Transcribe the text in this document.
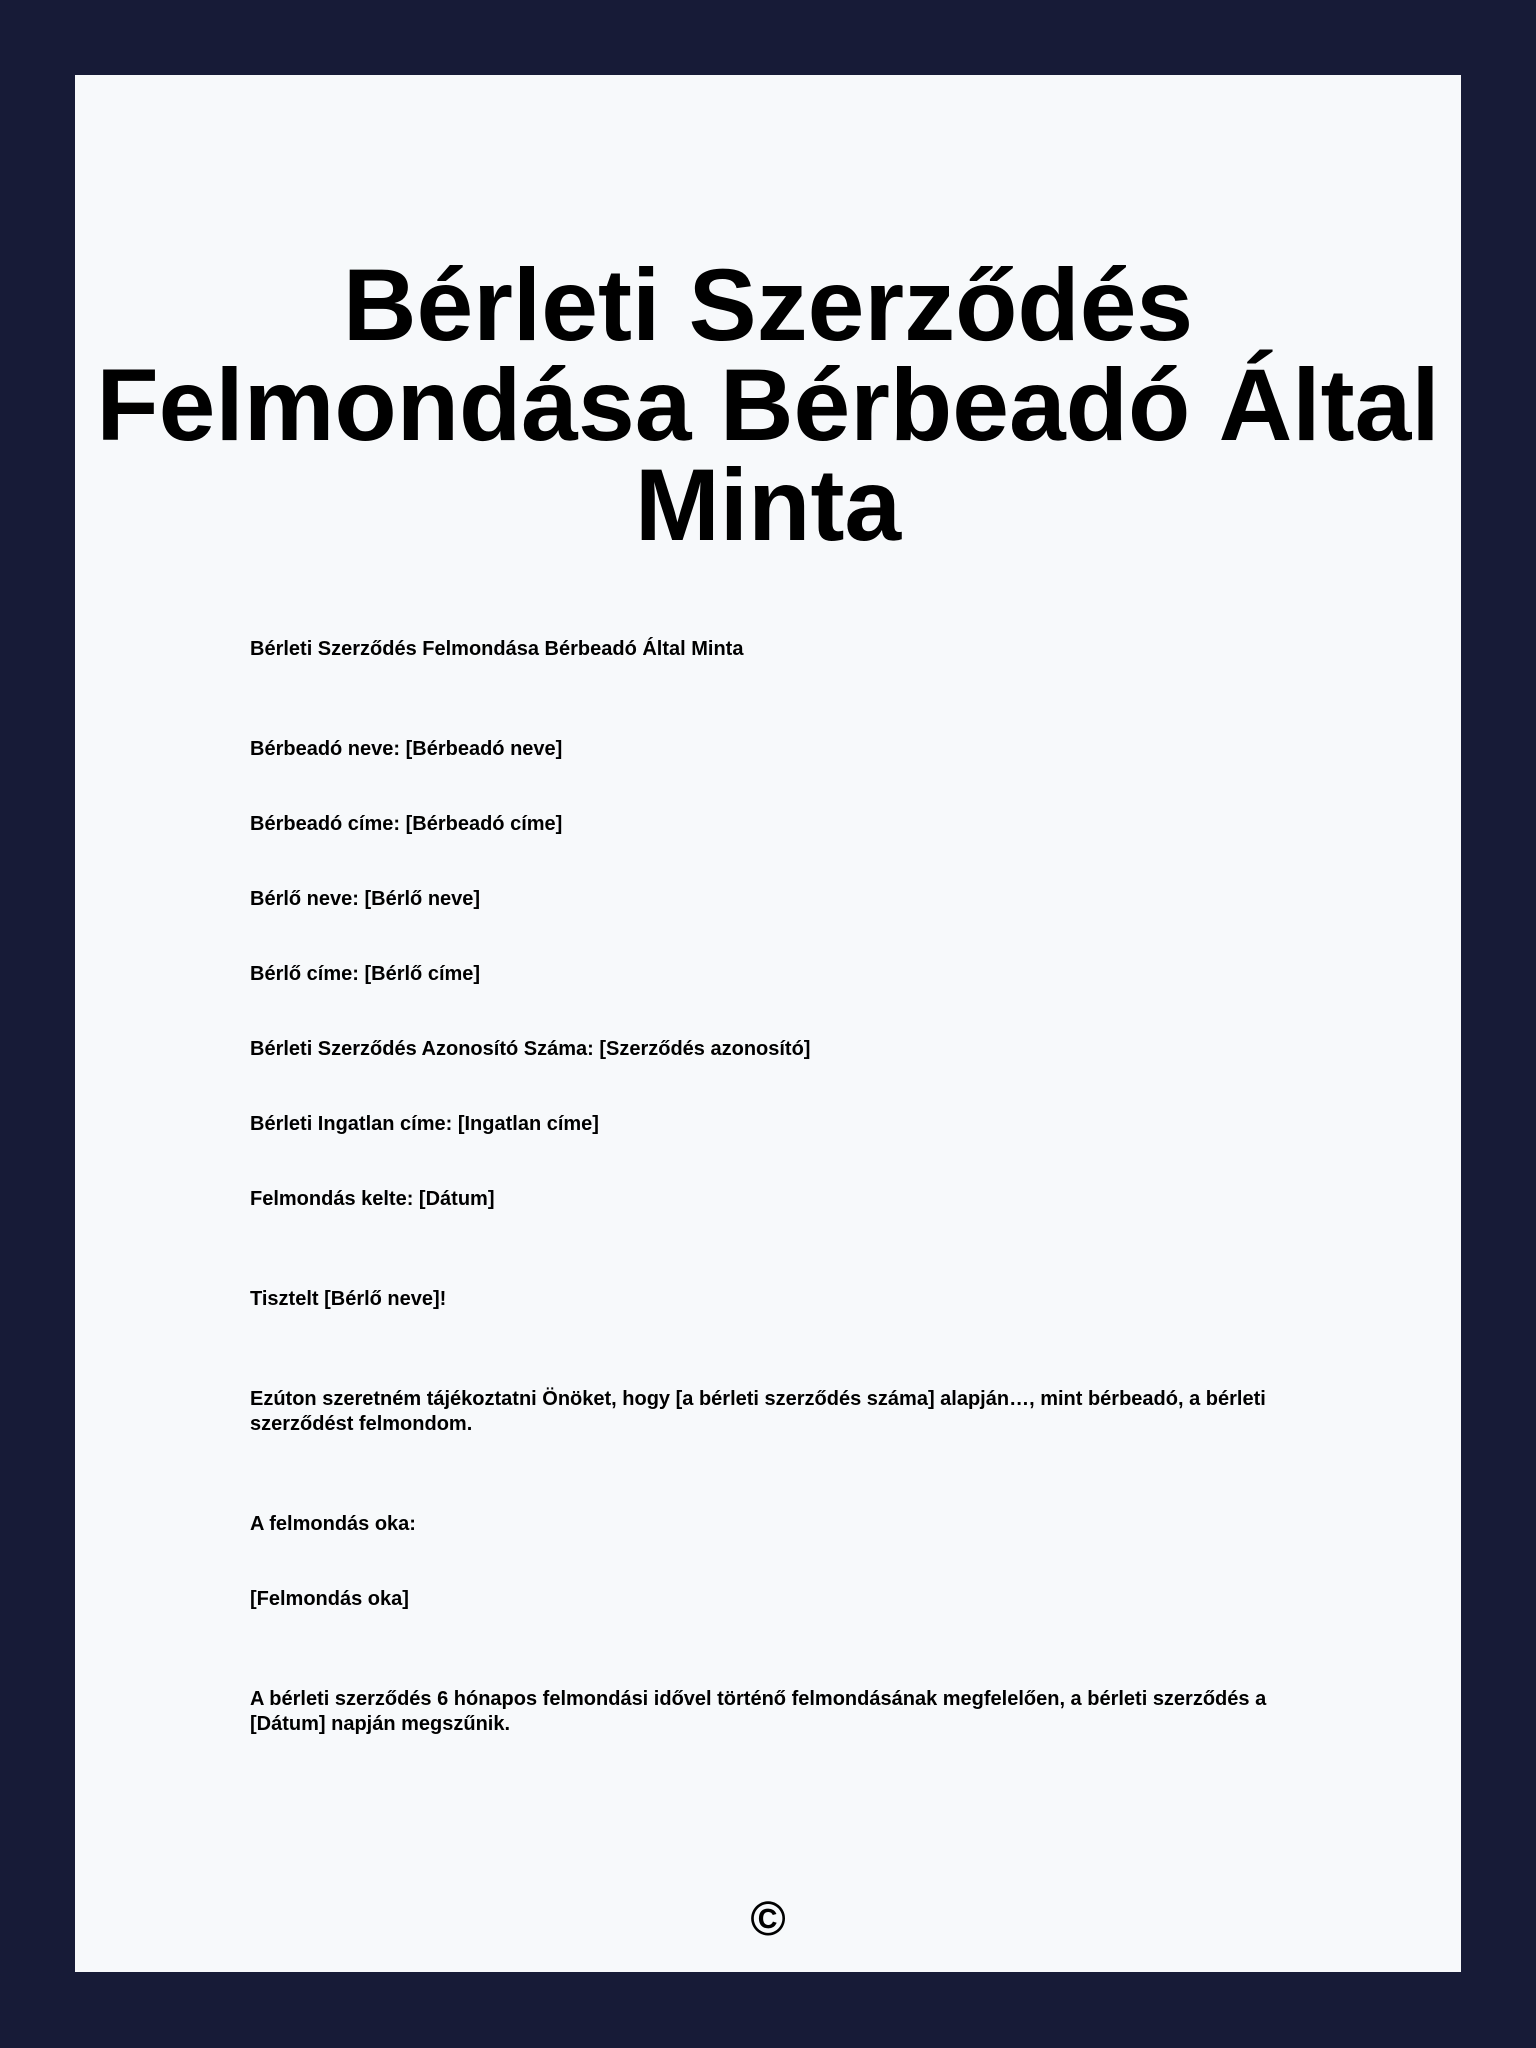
Bérleti Szerződés Felmondása Bérbeadó Által Minta

Bérleti Szerződés Felmondása Bérbeadó Által Minta

Bérbeadó neve: [Bérbeadó neve]

Bérbeadó címe: [Bérbeadó címe]

Bérlő neve: [Bérlő neve]

Bérlő címe: [Bérlő címe]

Bérleti Szerződés Azonosító Száma: [Szerződés azonosító]

Bérleti Ingatlan címe: [Ingatlan címe]

Felmondás kelte: [Dátum]

Tisztelt [Bérlő neve]!

Ezúton szeretném tájékoztatni Önöket, hogy [a bérleti szerződés száma] alapján…, mint bérbeadó, a bérleti szerződést felmondom.

A felmondás oka:

[Felmondás oka]

A bérleti szerződés 6 hónapos felmondási idővel történő felmondásának megfelelően, a bérleti szerződés a [Dátum] napján megszűnik.

©
